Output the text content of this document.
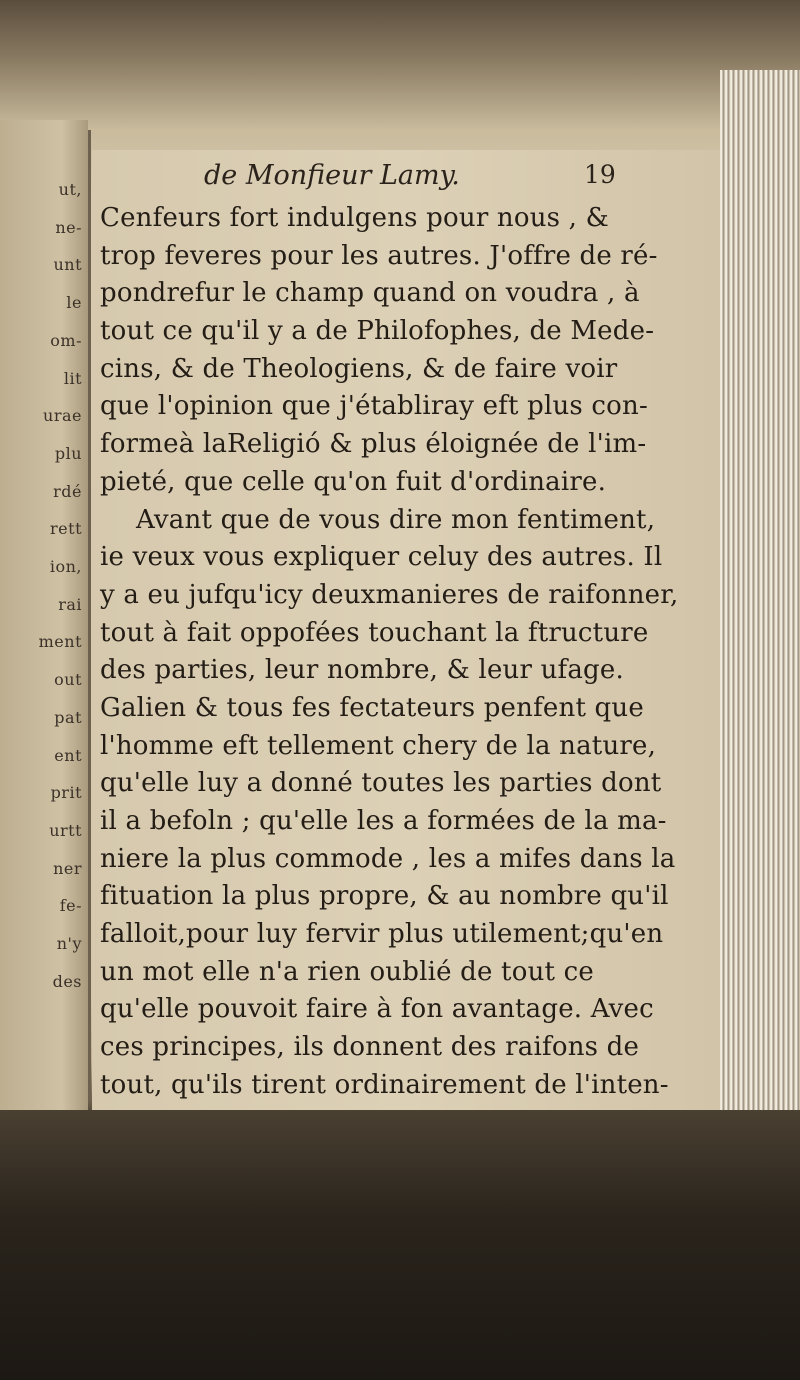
ut,
ne-
unt
le
om-
lit
urae
plu
rdé
rett
ion,
rai
ment
out
pat
ent
prit
urtt
ner
fe-
n'y
des
de Monfieur Lamy.	19
Cenfeurs fort indulgens pour nous , &
trop feveres pour les autres. J'offre de ré-
pondrefur le champ quand on voudra , à
tout ce qu'il y a de Philofophes, de Mede-
cins, & de Theologiens, & de faire voir
que l'opinion que j'établiray eft plus con-
formeà laReligió & plus éloignée de l'im-
pieté, que celle qu'on fuit d'ordinaire.
Avant que de vous dire mon fentiment,
ie veux vous expliquer celuy des autres. Il
y a eu jufqu'icy deuxmanieres de raifonner,
tout à fait oppofées touchant la ftructure
des parties, leur nombre, & leur ufage.
Galien & tous fes fectateurs penfent que
l'homme eft tellement chery de la nature,
qu'elle luy a donné toutes les parties dont
il a befoln ; qu'elle les a formées de la ma-
niere la plus commode , les a mifes dans la
fituation la plus propre, & au nombre qu'il
falloit,pour luy fervir plus utilement;qu'en
un mot elle n'a rien oublié de tout ce
qu'elle pouvoit faire à fon avantage. Avec
ces principes, ils donnent des raifons de
tout, qu'ils tirent ordinairement de l'inten-
